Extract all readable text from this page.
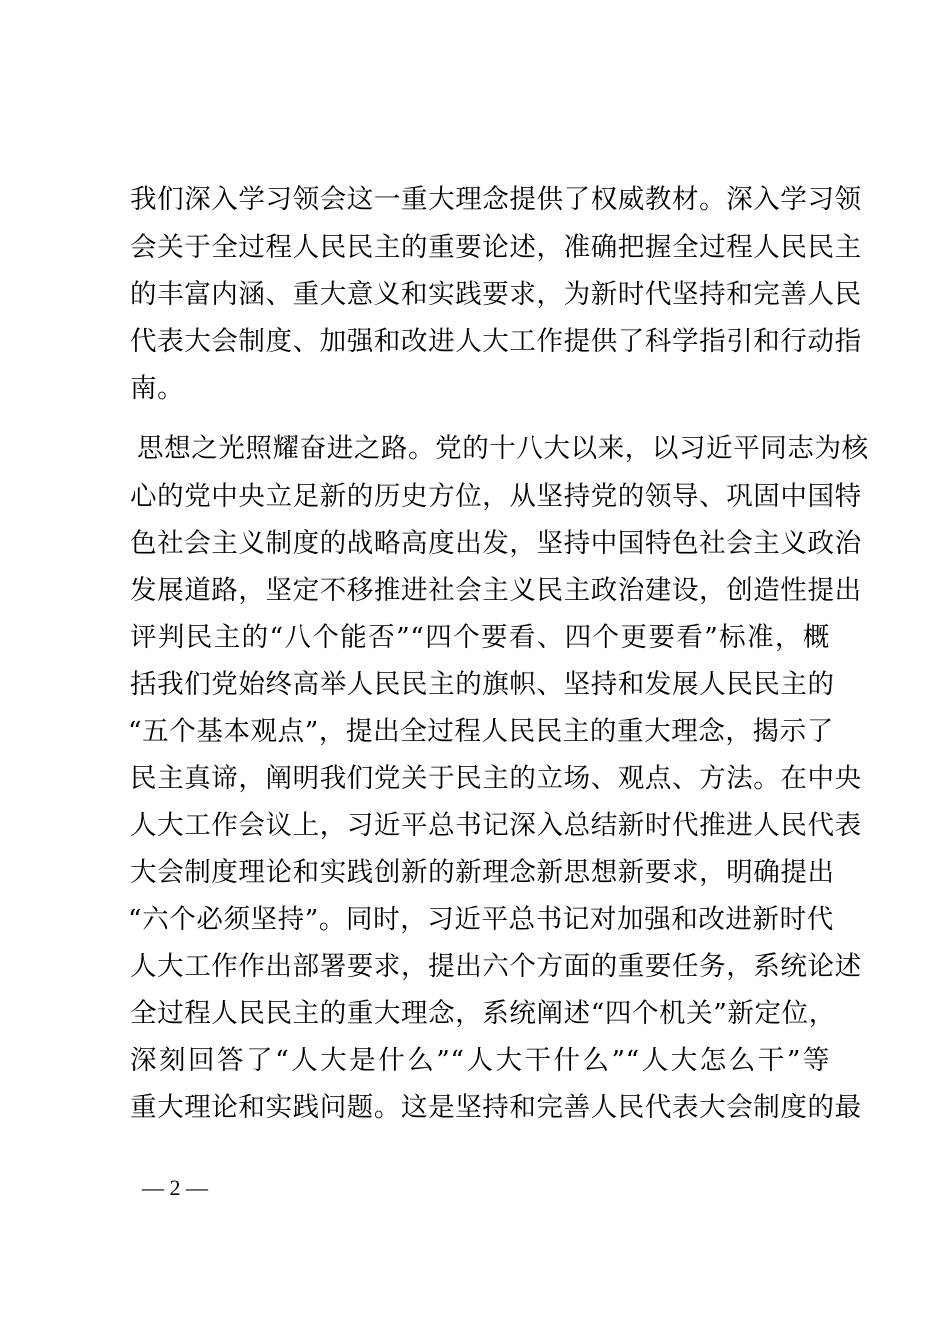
我们深入学习领会这一重大理念提供了权威教材。深入学习领
会关于全过程人民民主的重要论述，准确把握全过程人民民主
的丰富内涵、重大意义和实践要求，为新时代坚持和完善人民
代表大会制度、加强和改进人大工作提供了科学指引和行动指
南。
思想之光照耀奋进之路。党的十八大以来，以习近平同志为核
心的党中央立足新的历史方位，从坚持党的领导、巩固中国特
色社会主义制度的战略高度出发，坚持中国特色社会主义政治
发展道路，坚定不移推进社会主义民主政治建设，创造性提出
评判民主的“八个能否”“四个要看、四个更要看”标准，概
括我们党始终高举人民民主的旗帜、坚持和发展人民民主的
“五个基本观点”，提出全过程人民民主的重大理念，揭示了
民主真谛，阐明我们党关于民主的立场、观点、方法。在中央
人大工作会议上，习近平总书记深入总结新时代推进人民代表
大会制度理论和实践创新的新理念新思想新要求，明确提出
“六个必须坚持”。同时，习近平总书记对加强和改进新时代
人大工作作出部署要求，提出六个方面的重要任务，系统论述
全过程人民民主的重大理念，系统阐述“四个机关”新定位，
深刻回答了“人大是什么”“人大干什么”“人大怎么干”等
重大理论和实践问题。这是坚持和完善人民代表大会制度的最
— 2 —
